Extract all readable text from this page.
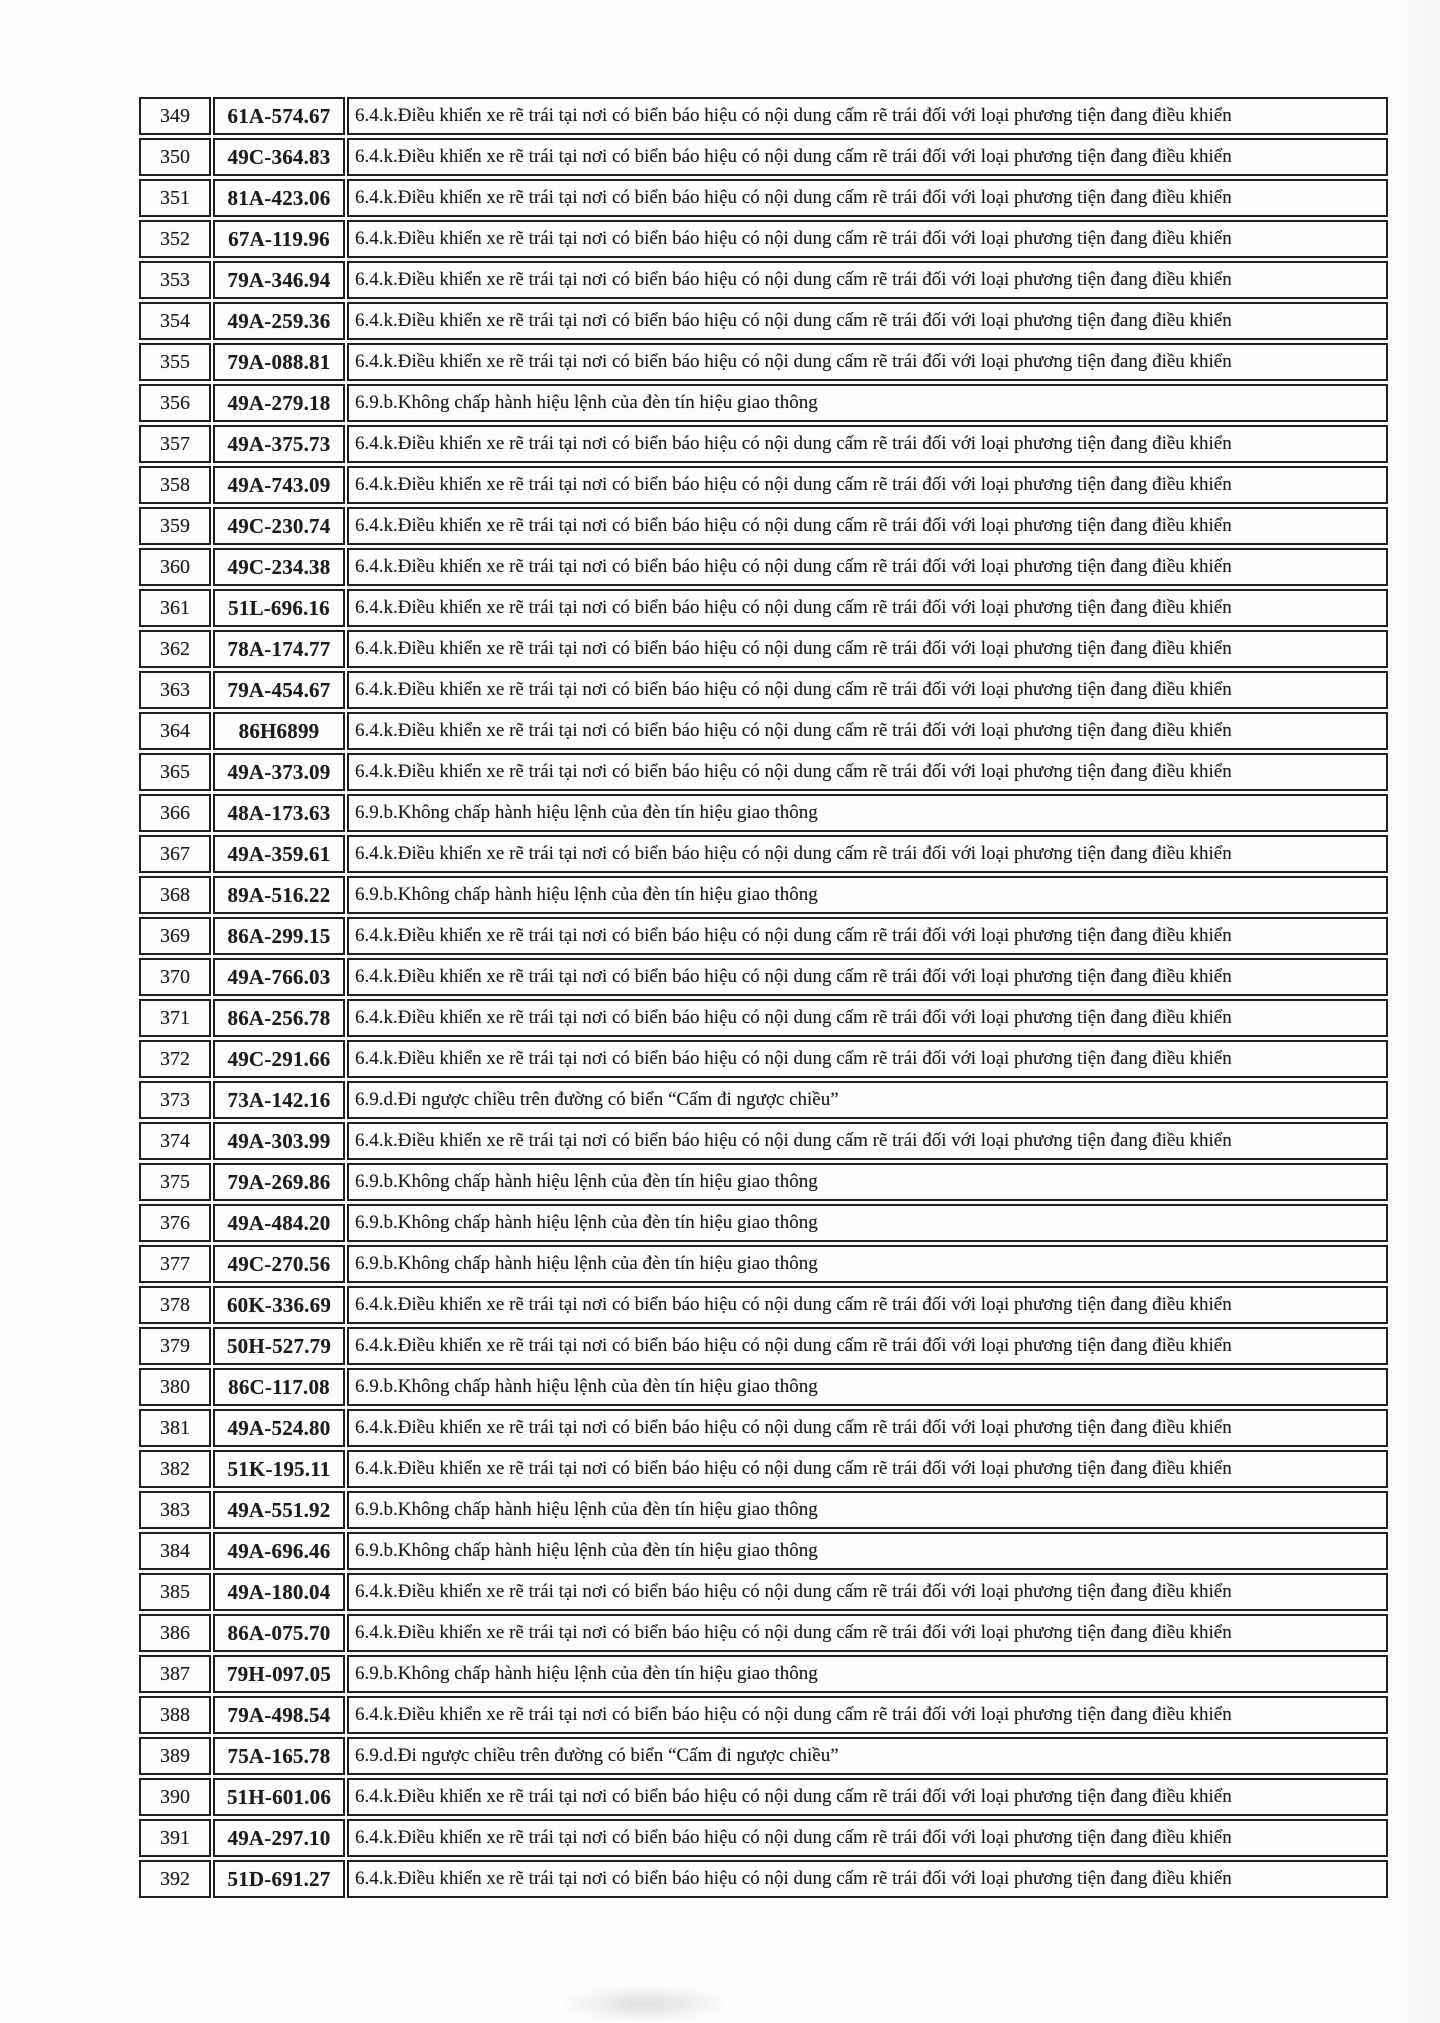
349	61A-574.67	6.4.k.Điều khiển xe rẽ trái tại nơi có biển báo hiệu có nội dung cấm rẽ trái đối với loại phương tiện đang điều khiển
350	49C-364.83	6.4.k.Điều khiển xe rẽ trái tại nơi có biển báo hiệu có nội dung cấm rẽ trái đối với loại phương tiện đang điều khiển
351	81A-423.06	6.4.k.Điều khiển xe rẽ trái tại nơi có biển báo hiệu có nội dung cấm rẽ trái đối với loại phương tiện đang điều khiển
352	67A-119.96	6.4.k.Điều khiển xe rẽ trái tại nơi có biển báo hiệu có nội dung cấm rẽ trái đối với loại phương tiện đang điều khiển
353	79A-346.94	6.4.k.Điều khiển xe rẽ trái tại nơi có biển báo hiệu có nội dung cấm rẽ trái đối với loại phương tiện đang điều khiển
354	49A-259.36	6.4.k.Điều khiển xe rẽ trái tại nơi có biển báo hiệu có nội dung cấm rẽ trái đối với loại phương tiện đang điều khiển
355	79A-088.81	6.4.k.Điều khiển xe rẽ trái tại nơi có biển báo hiệu có nội dung cấm rẽ trái đối với loại phương tiện đang điều khiển
356	49A-279.18	6.9.b.Không chấp hành hiệu lệnh của đèn tín hiệu giao thông
357	49A-375.73	6.4.k.Điều khiển xe rẽ trái tại nơi có biển báo hiệu có nội dung cấm rẽ trái đối với loại phương tiện đang điều khiển
358	49A-743.09	6.4.k.Điều khiển xe rẽ trái tại nơi có biển báo hiệu có nội dung cấm rẽ trái đối với loại phương tiện đang điều khiển
359	49C-230.74	6.4.k.Điều khiển xe rẽ trái tại nơi có biển báo hiệu có nội dung cấm rẽ trái đối với loại phương tiện đang điều khiển
360	49C-234.38	6.4.k.Điều khiển xe rẽ trái tại nơi có biển báo hiệu có nội dung cấm rẽ trái đối với loại phương tiện đang điều khiển
361	51L-696.16	6.4.k.Điều khiển xe rẽ trái tại nơi có biển báo hiệu có nội dung cấm rẽ trái đối với loại phương tiện đang điều khiển
362	78A-174.77	6.4.k.Điều khiển xe rẽ trái tại nơi có biển báo hiệu có nội dung cấm rẽ trái đối với loại phương tiện đang điều khiển
363	79A-454.67	6.4.k.Điều khiển xe rẽ trái tại nơi có biển báo hiệu có nội dung cấm rẽ trái đối với loại phương tiện đang điều khiển
364	86H6899	6.4.k.Điều khiển xe rẽ trái tại nơi có biển báo hiệu có nội dung cấm rẽ trái đối với loại phương tiện đang điều khiển
365	49A-373.09	6.4.k.Điều khiển xe rẽ trái tại nơi có biển báo hiệu có nội dung cấm rẽ trái đối với loại phương tiện đang điều khiển
366	48A-173.63	6.9.b.Không chấp hành hiệu lệnh của đèn tín hiệu giao thông
367	49A-359.61	6.4.k.Điều khiển xe rẽ trái tại nơi có biển báo hiệu có nội dung cấm rẽ trái đối với loại phương tiện đang điều khiển
368	89A-516.22	6.9.b.Không chấp hành hiệu lệnh của đèn tín hiệu giao thông
369	86A-299.15	6.4.k.Điều khiển xe rẽ trái tại nơi có biển báo hiệu có nội dung cấm rẽ trái đối với loại phương tiện đang điều khiển
370	49A-766.03	6.4.k.Điều khiển xe rẽ trái tại nơi có biển báo hiệu có nội dung cấm rẽ trái đối với loại phương tiện đang điều khiển
371	86A-256.78	6.4.k.Điều khiển xe rẽ trái tại nơi có biển báo hiệu có nội dung cấm rẽ trái đối với loại phương tiện đang điều khiển
372	49C-291.66	6.4.k.Điều khiển xe rẽ trái tại nơi có biển báo hiệu có nội dung cấm rẽ trái đối với loại phương tiện đang điều khiển
373	73A-142.16	6.9.d.Đi ngược chiều trên đường có biển “Cấm đi ngược chiều”
374	49A-303.99	6.4.k.Điều khiển xe rẽ trái tại nơi có biển báo hiệu có nội dung cấm rẽ trái đối với loại phương tiện đang điều khiển
375	79A-269.86	6.9.b.Không chấp hành hiệu lệnh của đèn tín hiệu giao thông
376	49A-484.20	6.9.b.Không chấp hành hiệu lệnh của đèn tín hiệu giao thông
377	49C-270.56	6.9.b.Không chấp hành hiệu lệnh của đèn tín hiệu giao thông
378	60K-336.69	6.4.k.Điều khiển xe rẽ trái tại nơi có biển báo hiệu có nội dung cấm rẽ trái đối với loại phương tiện đang điều khiển
379	50H-527.79	6.4.k.Điều khiển xe rẽ trái tại nơi có biển báo hiệu có nội dung cấm rẽ trái đối với loại phương tiện đang điều khiển
380	86C-117.08	6.9.b.Không chấp hành hiệu lệnh của đèn tín hiệu giao thông
381	49A-524.80	6.4.k.Điều khiển xe rẽ trái tại nơi có biển báo hiệu có nội dung cấm rẽ trái đối với loại phương tiện đang điều khiển
382	51K-195.11	6.4.k.Điều khiển xe rẽ trái tại nơi có biển báo hiệu có nội dung cấm rẽ trái đối với loại phương tiện đang điều khiển
383	49A-551.92	6.9.b.Không chấp hành hiệu lệnh của đèn tín hiệu giao thông
384	49A-696.46	6.9.b.Không chấp hành hiệu lệnh của đèn tín hiệu giao thông
385	49A-180.04	6.4.k.Điều khiển xe rẽ trái tại nơi có biển báo hiệu có nội dung cấm rẽ trái đối với loại phương tiện đang điều khiển
386	86A-075.70	6.4.k.Điều khiển xe rẽ trái tại nơi có biển báo hiệu có nội dung cấm rẽ trái đối với loại phương tiện đang điều khiển
387	79H-097.05	6.9.b.Không chấp hành hiệu lệnh của đèn tín hiệu giao thông
388	79A-498.54	6.4.k.Điều khiển xe rẽ trái tại nơi có biển báo hiệu có nội dung cấm rẽ trái đối với loại phương tiện đang điều khiển
389	75A-165.78	6.9.d.Đi ngược chiều trên đường có biển “Cấm đi ngược chiều”
390	51H-601.06	6.4.k.Điều khiển xe rẽ trái tại nơi có biển báo hiệu có nội dung cấm rẽ trái đối với loại phương tiện đang điều khiển
391	49A-297.10	6.4.k.Điều khiển xe rẽ trái tại nơi có biển báo hiệu có nội dung cấm rẽ trái đối với loại phương tiện đang điều khiển
392	51D-691.27	6.4.k.Điều khiển xe rẽ trái tại nơi có biển báo hiệu có nội dung cấm rẽ trái đối với loại phương tiện đang điều khiển
